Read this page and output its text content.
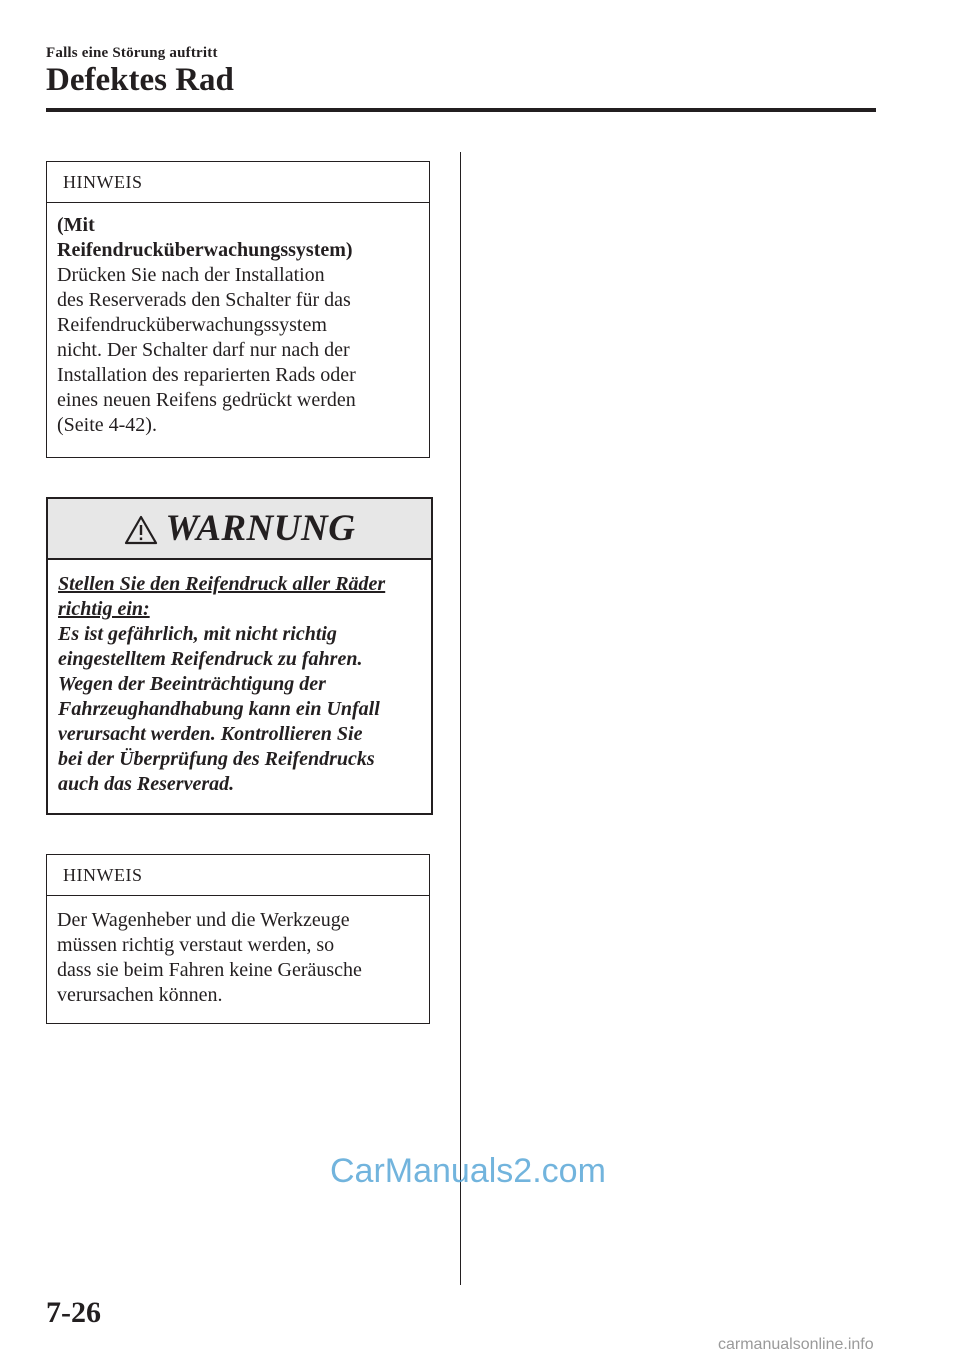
Falls eine Störung auftritt
Defektes Rad
HINWEIS

(Mit

Reifendrucküberwachungssystem)

Drücken Sie nach der Installation

des Reserverads den Schalter für das

Reifendrucküberwachungssystem

nicht. Der Schalter darf nur nach der

Installation des reparierten Rads oder

eines neuen Reifens gedrückt werden

(Seite 4-42).

WARNUNG

Stellen Sie den Reifendruck aller Räder

richtig ein:

Es ist gefährlich, mit nicht richtig

eingestelltem Reifendruck zu fahren.

Wegen der Beeinträchtigung der

Fahrzeughandhabung kann ein Unfall

verursacht werden. Kontrollieren Sie

bei der Überprüfung des Reifendrucks

auch das Reserverad.

HINWEIS

Der Wagenheber und die Werkzeuge

müssen richtig verstaut werden, so

dass sie beim Fahren keine Geräusche

verursachen können.

CarManuals2.com
7-26
carmanualsonline.info
